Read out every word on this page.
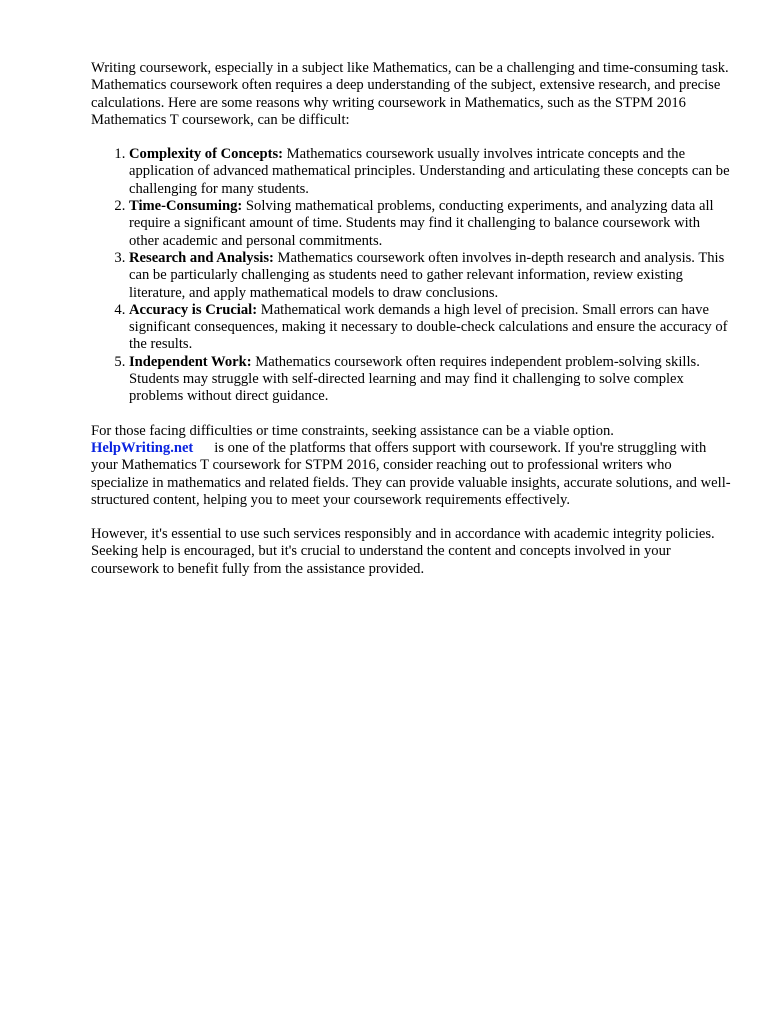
Writing coursework, especially in a subject like Mathematics, can be a challenging and time-consuming task. Mathematics coursework often requires a deep understanding of the subject, extensive research, and precise calculations. Here are some reasons why writing coursework in Mathematics, such as the STPM 2016 Mathematics T coursework, can be difficult:

1. Complexity of Concepts: Mathematics coursework usually involves intricate concepts and the application of advanced mathematical principles. Understanding and articulating these concepts can be challenging for many students.
2. Time-Consuming: Solving mathematical problems, conducting experiments, and analyzing data all require a significant amount of time. Students may find it challenging to balance coursework with other academic and personal commitments.
3. Research and Analysis: Mathematics coursework often involves in-depth research and analysis. This can be particularly challenging as students need to gather relevant information, review existing literature, and apply mathematical models to draw conclusions.
4. Accuracy is Crucial: Mathematical work demands a high level of precision. Small errors can have significant consequences, making it necessary to double-check calculations and ensure the accuracy of the results.
5. Independent Work: Mathematics coursework often requires independent problem-solving skills. Students may struggle with self-directed learning and may find it challenging to solve complex problems without direct guidance.

For those facing difficulties or time constraints, seeking assistance can be a viable option. HelpWriting.net is one of the platforms that offers support with coursework. If you're struggling with your Mathematics T coursework for STPM 2016, consider reaching out to professional writers who specialize in mathematics and related fields. They can provide valuable insights, accurate solutions, and well-structured content, helping you to meet your coursework requirements effectively.

However, it's essential to use such services responsibly and in accordance with academic integrity policies. Seeking help is encouraged, but it's crucial to understand the content and concepts involved in your coursework to benefit fully from the assistance provided.
